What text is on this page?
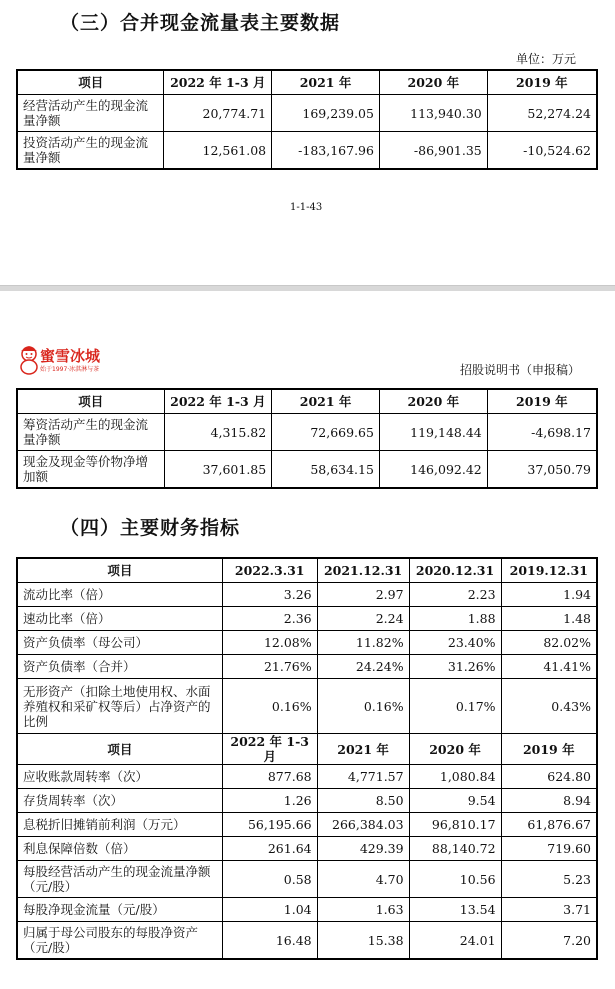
（三）合并现金流量表主要数据
单位：万元
项目	2022 年 1-3 月	2021 年	2020 年	2019 年
经营活动产生的现金流量净额	20,774.71	169,239.05	113,940.30	52,274.24
投资活动产生的现金流量净额	12,561.08	-183,167.96	-86,901.35	-10,524.62
1-1-43
蜜雪冰城
始于1997·冰淇淋与茶	招股说明书（申报稿）
项目	2022 年 1-3 月	2021 年	2020 年	2019 年
筹资活动产生的现金流量净额	4,315.82	72,669.65	119,148.44	-4,698.17
现金及现金等价物净增加额	37,601.85	58,634.15	146,092.42	37,050.79
（四）主要财务指标
项目	2022.3.31	2021.12.31	2020.12.31	2019.12.31
流动比率（倍）	3.26	2.97	2.23	1.94
速动比率（倍）	2.36	2.24	1.88	1.48
资产负债率（母公司）	12.08%	11.82%	23.40%	82.02%
资产负债率（合并）	21.76%	24.24%	31.26%	41.41%
无形资产（扣除土地使用权、水面养殖权和采矿权等后）占净资产的比例	0.16%	0.16%	0.17%	0.43%
项目	2022 年 1-3 月	2021 年	2020 年	2019 年
应收账款周转率（次）	877.68	4,771.57	1,080.84	624.80
存货周转率（次）	1.26	8.50	9.54	8.94
息税折旧摊销前利润（万元）	56,195.66	266,384.03	96,810.17	61,876.67
利息保障倍数（倍）	261.64	429.39	88,140.72	719.60
每股经营活动产生的现金流量净额（元/股）	0.58	4.70	10.56	5.23
每股净现金流量（元/股）	1.04	1.63	13.54	3.71
归属于母公司股东的每股净资产（元/股）	16.48	15.38	24.01	7.20
